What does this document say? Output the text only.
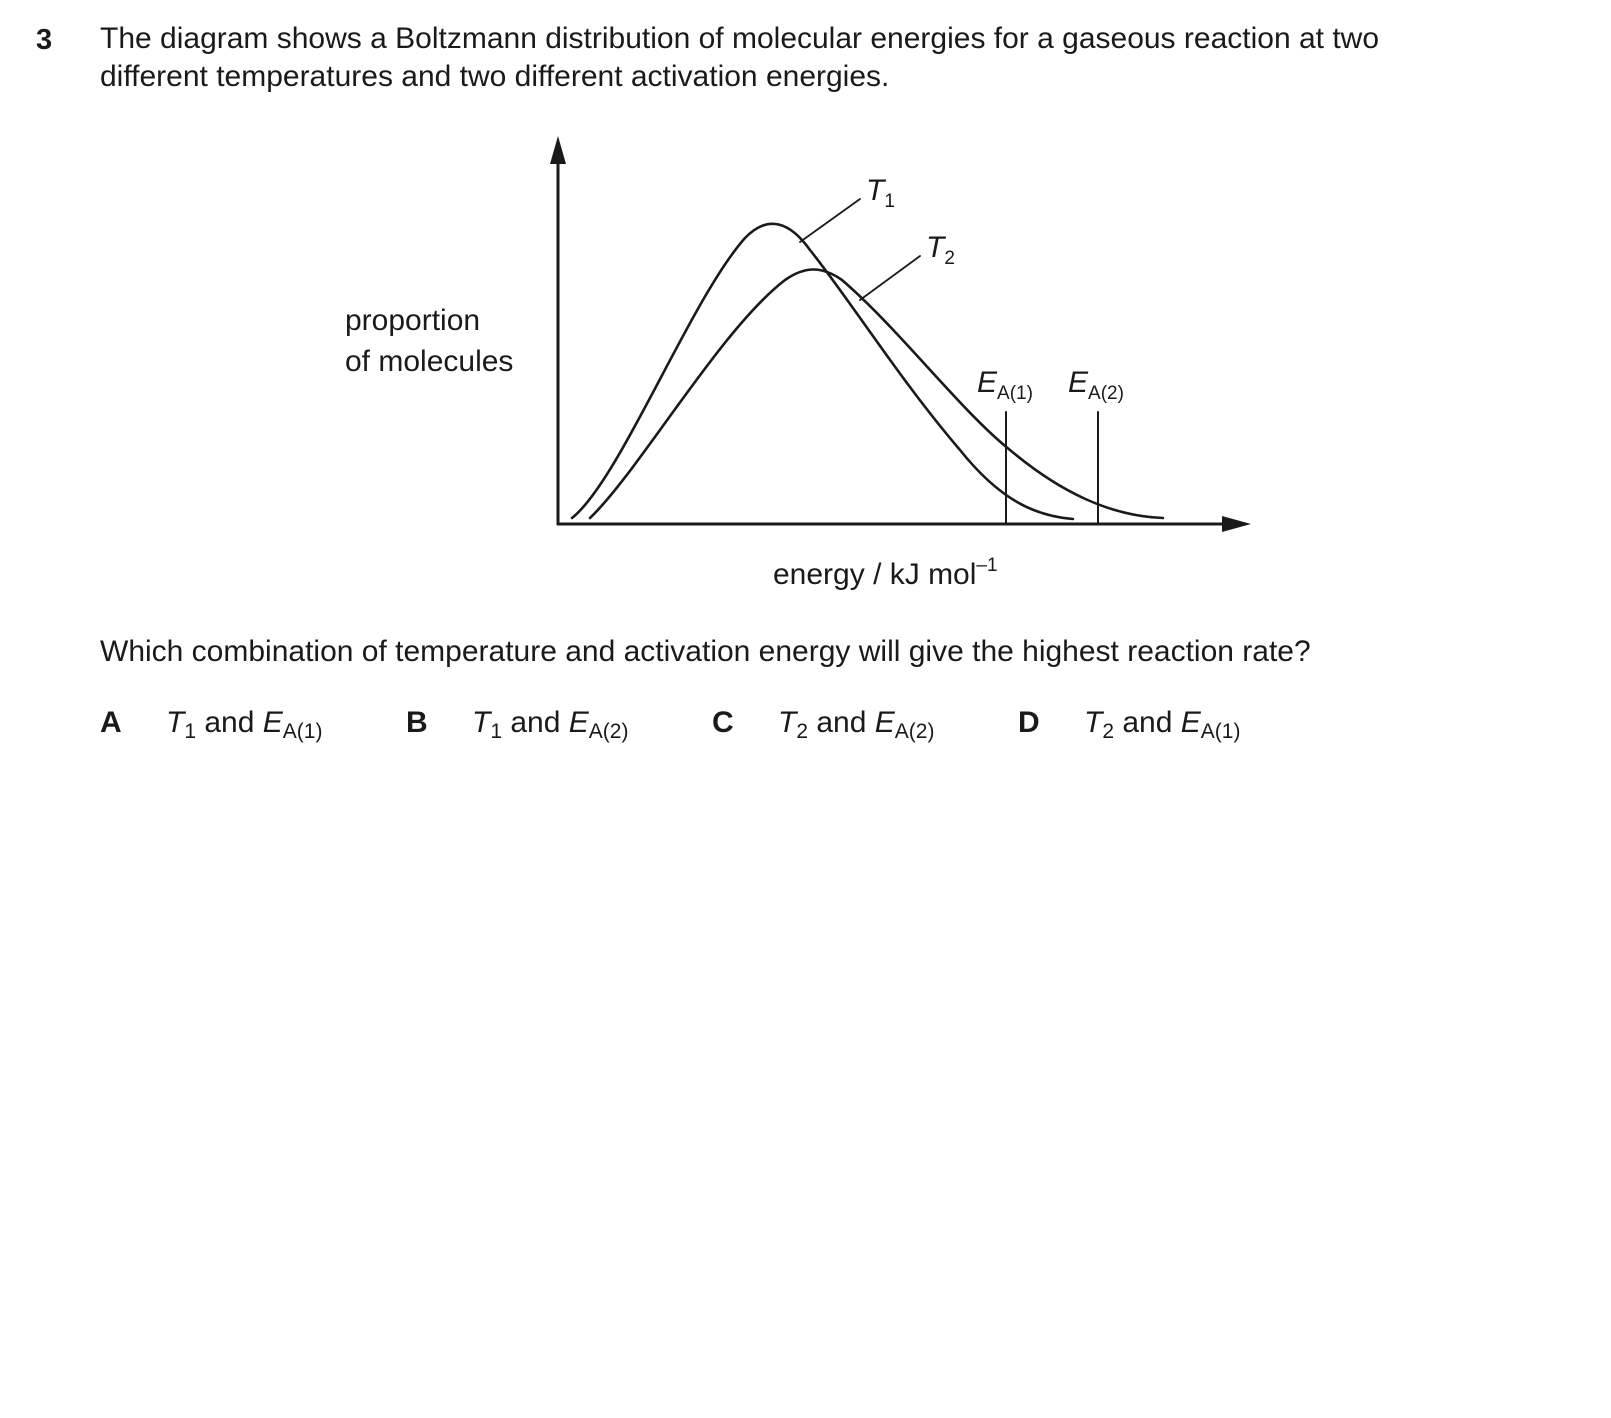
3 The diagram shows a Boltzmann distribution of molecular energies for a gaseous reaction at two
different temperatures and two different activation energies.
proportion
of molecules
energy / kJ mol$^{-1}$
$T_1$
$T_2$
$E_{A(1)}$ $E_{A(2)}$
Which combination of temperature and activation energy will give the highest reaction rate?
A $T_1$ and $E_{A(1)}$	B $T_1$ and $E_{A(2)}$	C $T_2$ and $E_{A(2)}$	D $T_2$ and $E_{A(1)}$
